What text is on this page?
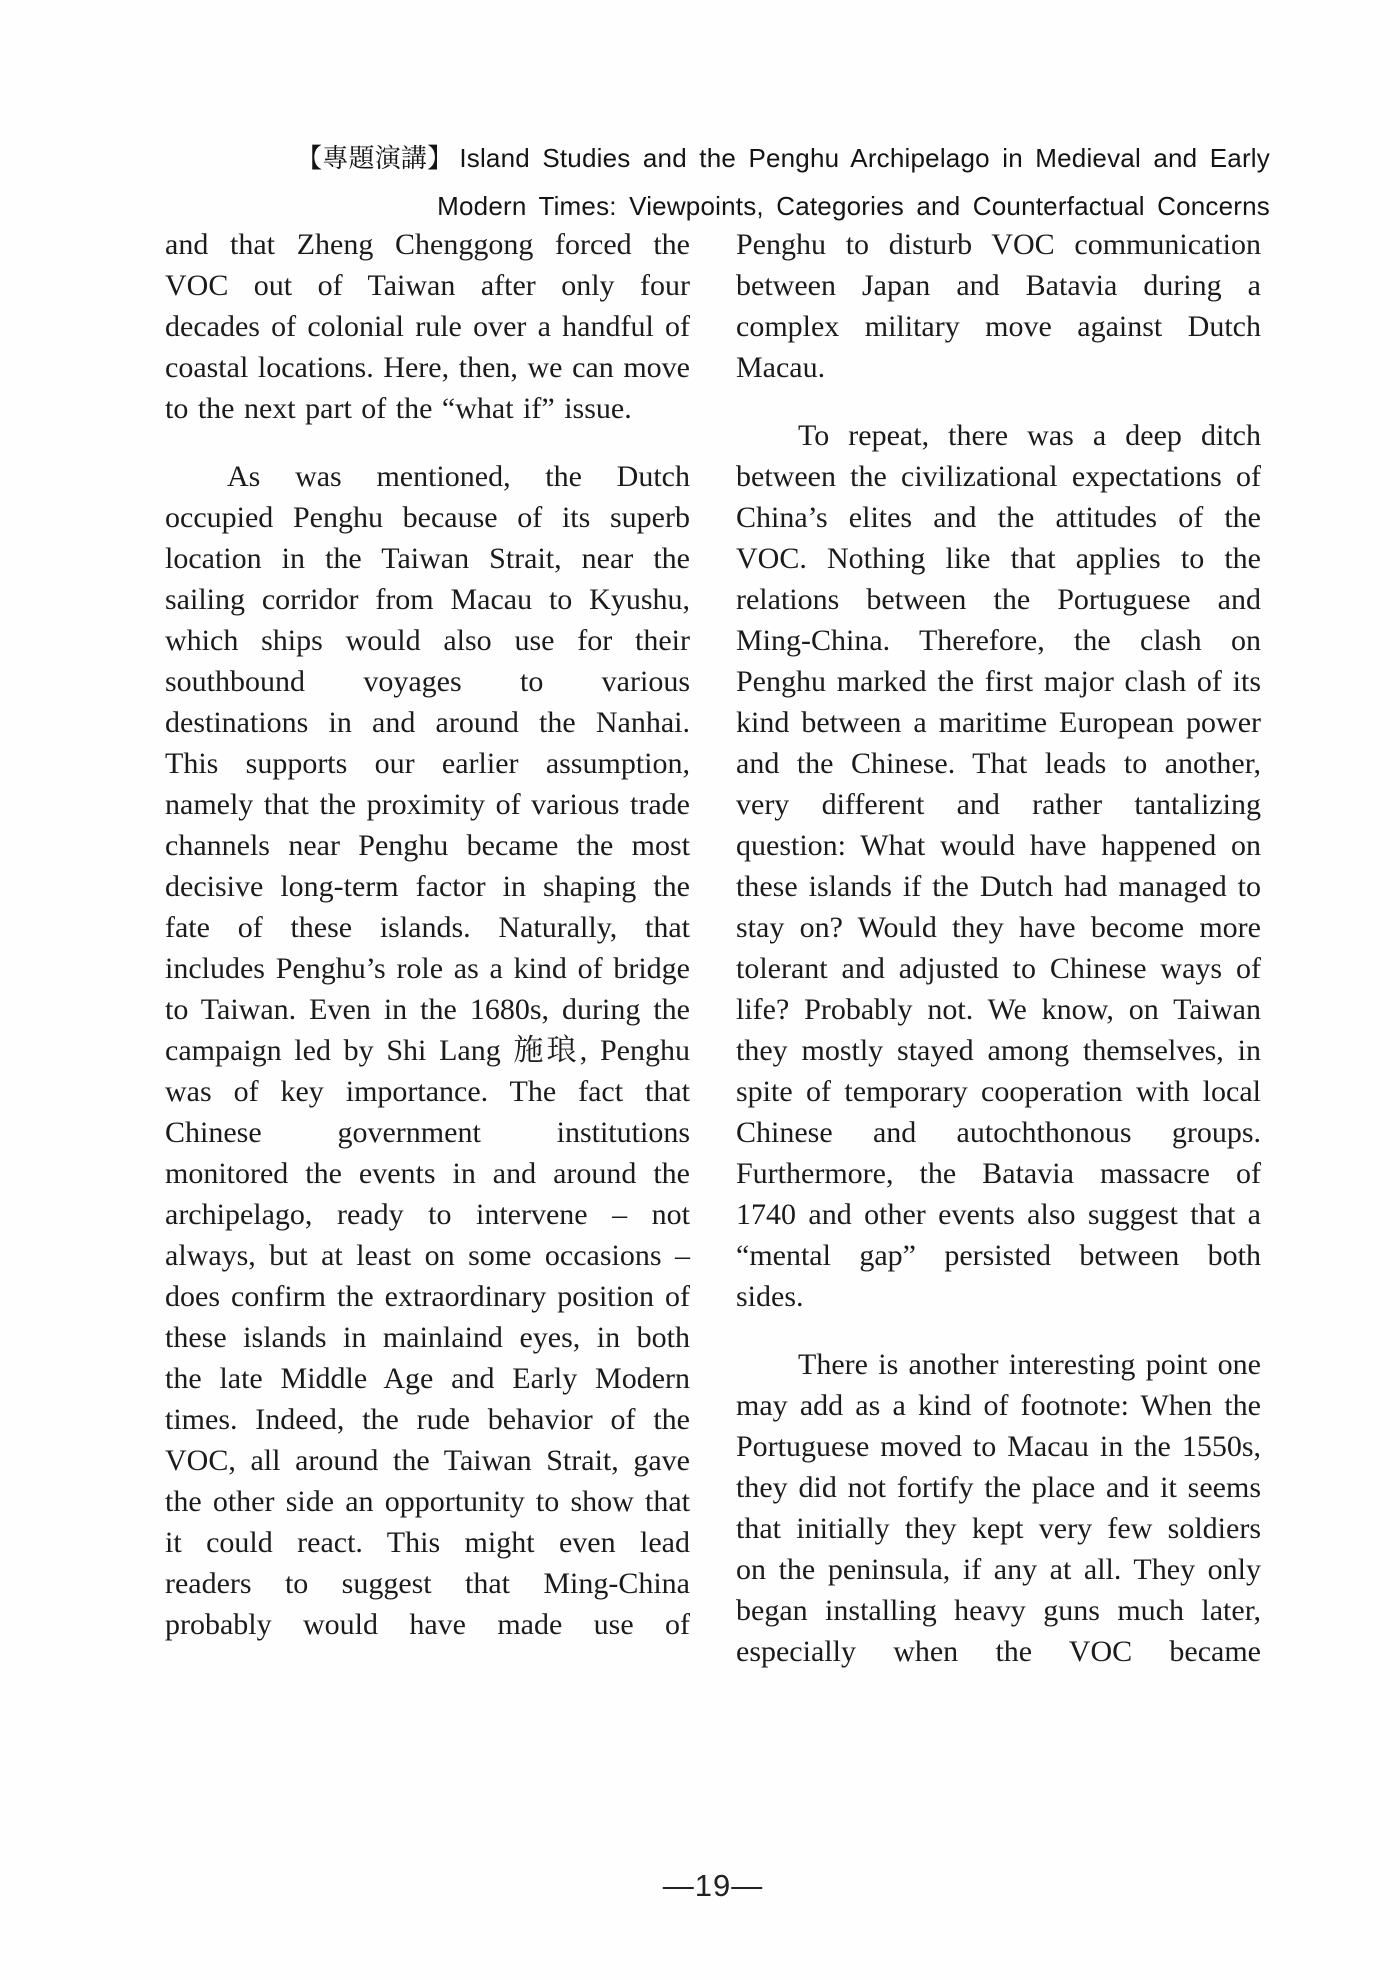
【專題演講】 Island Studies and the Penghu Archipelago in Medieval and Early
Modern Times: Viewpoints, Categories and Counterfactual Concerns

and that Zheng Chenggong forced the VOC out of Taiwan after only four decades of colonial rule over a handful of coastal locations. Here, then, we can move to the next part of the “what if” issue.

As was mentioned, the Dutch occupied Penghu because of its superb location in the Taiwan Strait, near the sailing corridor from Macau to Kyushu, which ships would also use for their southbound voyages to various destinations in and around the Nanhai. This supports our earlier assumption, namely that the proximity of various trade channels near Penghu became the most decisive long-term factor in shaping the fate of these islands. Naturally, that includes Penghu’s role as a kind of bridge to Taiwan. Even in the 1680s, during the campaign led by Shi Lang 施琅, Penghu was of key importance. The fact that Chinese government institutions monitored the events in and around the archipelago, ready to intervene – not always, but at least on some occasions – does confirm the extraordinary position of these islands in mainlaind eyes, in both the late Middle Age and Early Modern times. Indeed, the rude behavior of the VOC, all around the Taiwan Strait, gave the other side an opportunity to show that it could react. This might even lead readers to suggest that Ming-China probably would have made use of

Penghu to disturb VOC communication between Japan and Batavia during a complex military move against Dutch Macau.

To repeat, there was a deep ditch between the civilizational expectations of China’s elites and the attitudes of the VOC. Nothing like that applies to the relations between the Portuguese and Ming-China. Therefore, the clash on Penghu marked the first major clash of its kind between a maritime European power and the Chinese. That leads to another, very different and rather tantalizing question: What would have happened on these islands if the Dutch had managed to stay on? Would they have become more tolerant and adjusted to Chinese ways of life? Probably not. We know, on Taiwan they mostly stayed among themselves, in spite of temporary cooperation with local Chinese and autochthonous groups. Furthermore, the Batavia massacre of 1740 and other events also suggest that a “mental gap” persisted between both sides.

There is another interesting point one may add as a kind of footnote: When the Portuguese moved to Macau in the 1550s, they did not fortify the place and it seems that initially they kept very few soldiers on the peninsula, if any at all. They only began installing heavy guns much later, especially when the VOC became

—19—
